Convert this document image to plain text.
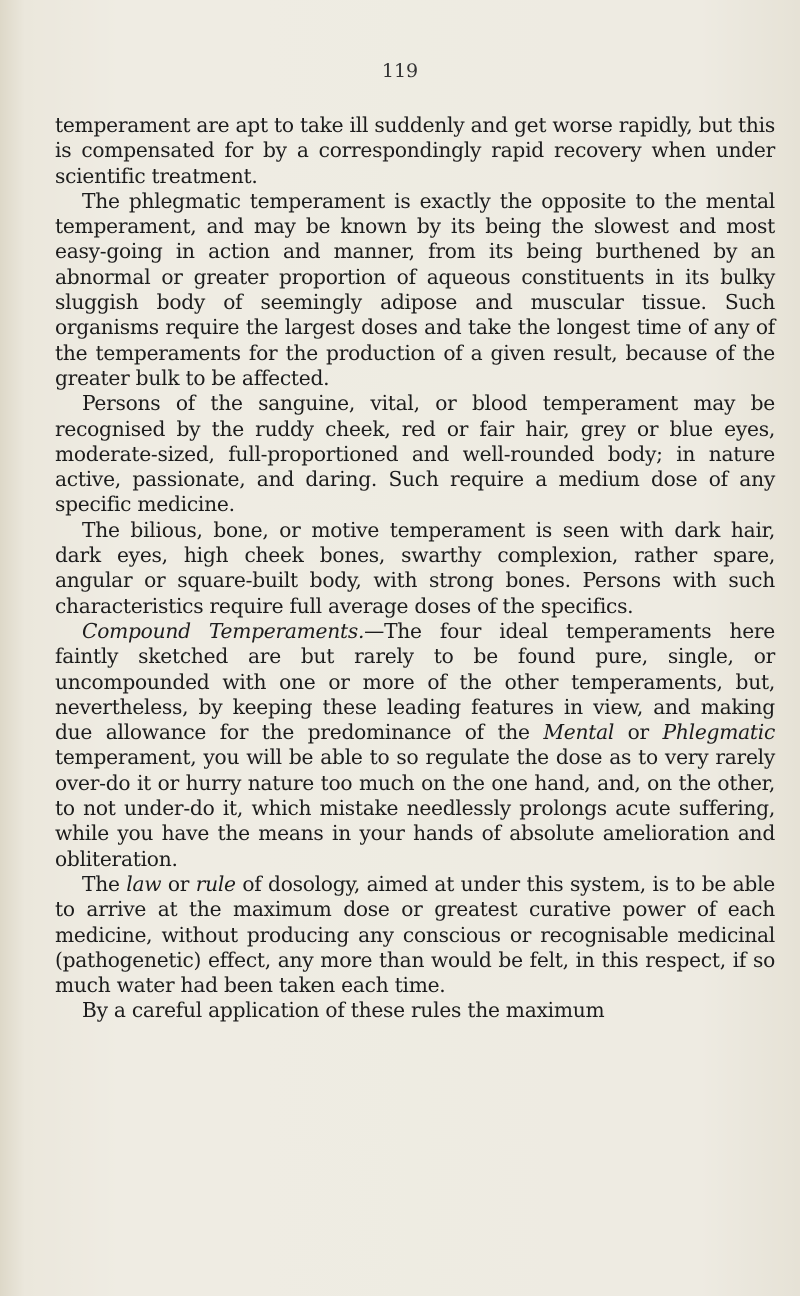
119

temperament are apt to take ill suddenly and get worse rapidly, but this is compensated for by a correspondingly rapid recovery when under scientific treatment.

The phlegmatic temperament is exactly the opposite to the mental temperament, and may be known by its being the slowest and most easy-going in action and manner, from its being burthened by an abnormal or greater proportion of aqueous constituents in its bulky sluggish body of seemingly adipose and muscular tissue. Such organisms require the largest doses and take the longest time of any of the temperaments for the production of a given result, because of the greater bulk to be affected.

Persons of the sanguine, vital, or blood temperament may be recognised by the ruddy cheek, red or fair hair, grey or blue eyes, moderate-sized, full-proportioned and well-rounded body; in nature active, passionate, and daring. Such require a medium dose of any specific medicine.

The bilious, bone, or motive temperament is seen with dark hair, dark eyes, high cheek bones, swarthy complexion, rather spare, angular or square-built body, with strong bones. Persons with such characteristics require full average doses of the specifics.

Compound Temperaments.—The four ideal temperaments here faintly sketched are but rarely to be found pure, single, or uncompounded with one or more of the other temperaments, but, nevertheless, by keeping these leading features in view, and making due allowance for the predominance of the Mental or Phlegmatic temperament, you will be able to so regulate the dose as to very rarely over-do it or hurry nature too much on the one hand, and, on the other, to not under-do it, which mistake needlessly prolongs acute suffering, while you have the means in your hands of absolute amelioration and obliteration.

The law or rule of dosology, aimed at under this system, is to be able to arrive at the maximum dose or greatest curative power of each medicine, without producing any conscious or recognisable medicinal (pathogenetic) effect, any more than would be felt, in this respect, if so much water had been taken each time.

By a careful application of these rules the maximum
